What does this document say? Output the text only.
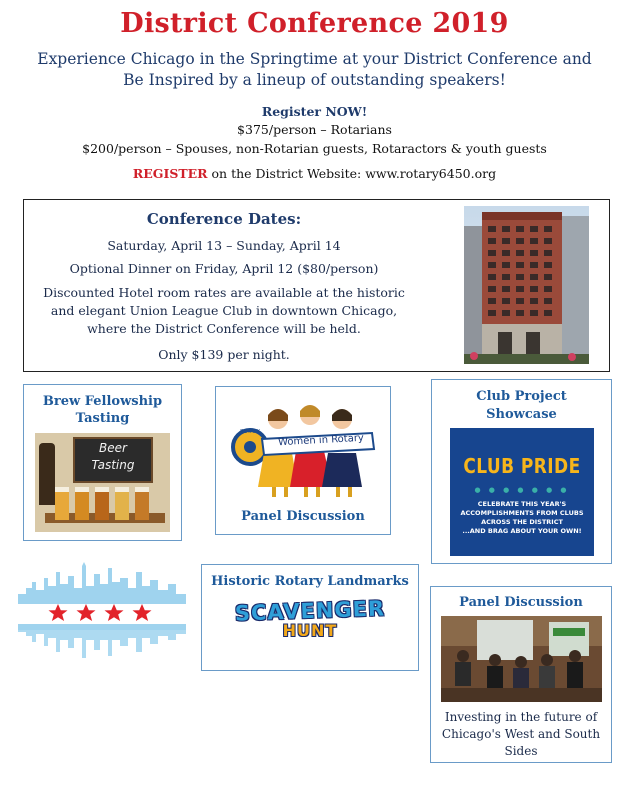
District Conference 2019
Experience Chicago in the Springtime at your District Conference and
Be Inspired by a lineup of outstanding speakers!
Register NOW!
$375/person – Rotarians
$200/person – Spouses, non-Rotarian guests, Rotaractors & youth guests
REGISTER on the District Website: www.rotary6450.org
Conference Dates:
Saturday, April 13 – Sunday, April 14
Optional Dinner on Friday, April 12 ($80/person)
Discounted Hotel room rates are available at the historic
and elegant Union League Club in downtown Chicago,
where the District Conference will be held.
Only $139 per night.
Brew Fellowship
Tasting
Beer
Tasting
Women in Rotary
ROTARY
Panel Discussion
Club Project
Showcase
CLUB PRIDE
● ● ● ● ● ● ●
CELEBRATE THIS YEAR'S
ACCOMPLISHMENTS FROM CLUBS
ACROSS THE DISTRICT
...AND BRAG ABOUT YOUR OWN!
Historic Rotary Landmarks
SCAVENGER
HUNT
Panel Discussion
Investing in the future of
Chicago's West and South
Sides
